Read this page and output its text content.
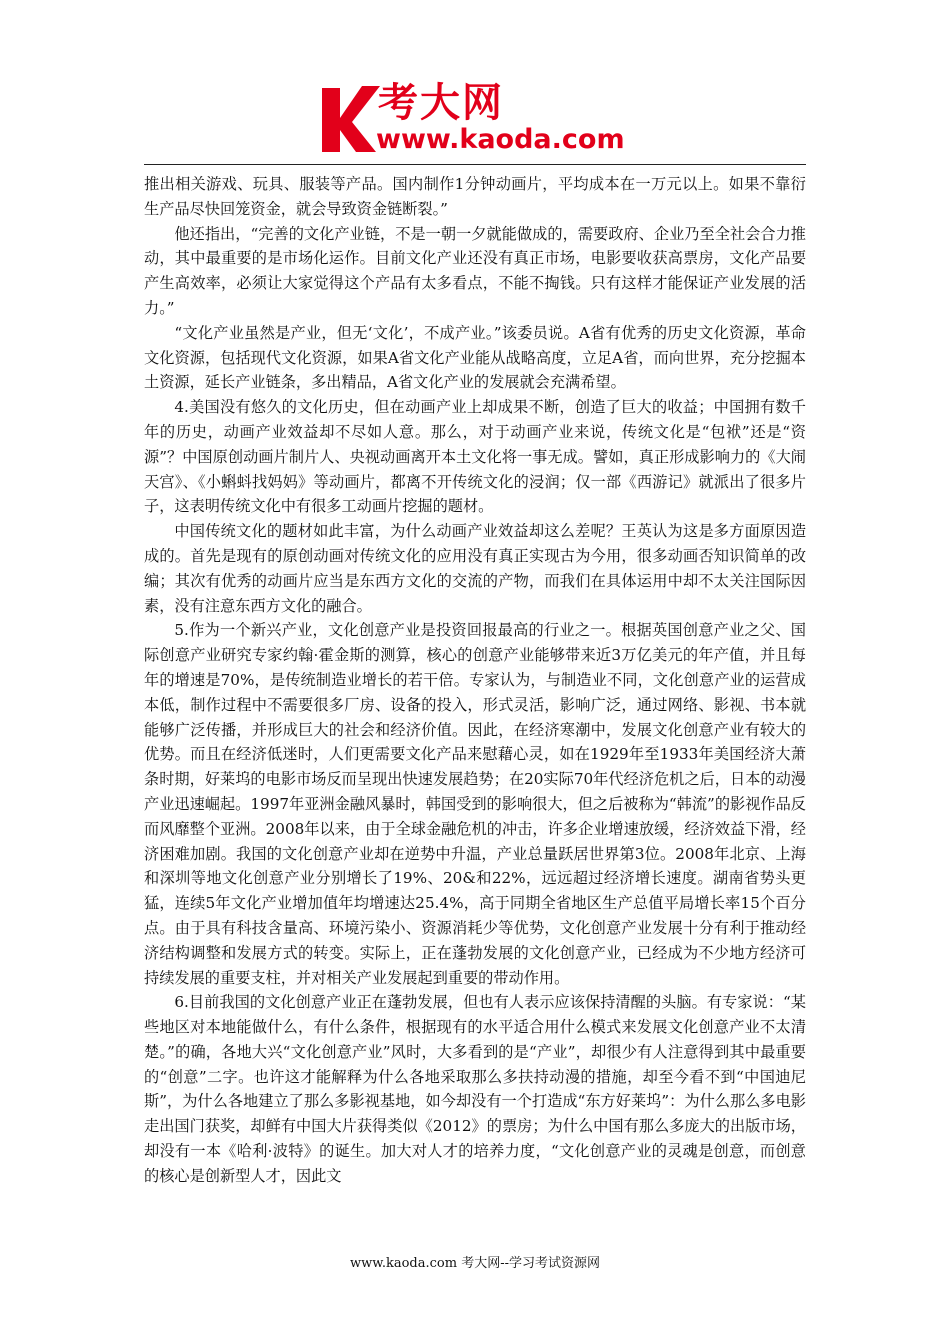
考大网
www.kaoda.com

推出相关游戏、玩具、服装等产品。国内制作1分钟动画片，平均成本在一万元以上。如果不靠衍生产品尽快回笼资金，就会导致资金链断裂。”

他还指出，“完善的文化产业链，不是一朝一夕就能做成的，需要政府、企业乃至全社会合力推动，其中最重要的是市场化运作。目前文化产业还没有真正市场，电影要收获高票房，文化产品要产生高效率，必须让大家觉得这个产品有太多看点，不能不掏钱。只有这样才能保证产业发展的活力。”

“文化产业虽然是产业，但无‘文化’，不成产业。”该委员说。A省有优秀的历史文化资源，革命文化资源，包括现代文化资源，如果A省文化产业能从战略高度，立足A省，而向世界，充分挖掘本土资源，延长产业链条，多出精品，A省文化产业的发展就会充满希望。

4.美国没有悠久的文化历史，但在动画产业上却成果不断，创造了巨大的收益；中国拥有数千年的历史，动画产业效益却不尽如人意。那么，对于动画产业来说，传统文化是“包袱”还是“资源”？中国原创动画片制片人、央视动画离开本土文化将一事无成。譬如，真正形成影响力的《大闹天宫》、《小蝌蚪找妈妈》等动画片，都离不开传统文化的浸润；仅一部《西游记》就派出了很多片子，这表明传统文化中有很多工动画片挖掘的题材。

中国传统文化的题材如此丰富，为什么动画产业效益却这么差呢？王英认为这是多方面原因造成的。首先是现有的原创动画对传统文化的应用没有真正实现古为今用，很多动画否知识简单的改编；其次有优秀的动画片应当是东西方文化的交流的产物，而我们在具体运用中却不太关注国际因素，没有注意东西方文化的融合。

5.作为一个新兴产业，文化创意产业是投资回报最高的行业之一。根据英国创意产业之父、国际创意产业研究专家约翰·霍金斯的测算，核心的创意产业能够带来近3万亿美元的年产值，并且每年的增速是70%，是传统制造业增长的若干倍。专家认为，与制造业不同，文化创意产业的运营成本低，制作过程中不需要很多厂房、设备的投入，形式灵活，影响广泛，通过网络、影视、书本就能够广泛传播，并形成巨大的社会和经济价值。因此，在经济寒潮中，发展文化创意产业有较大的优势。而且在经济低迷时，人们更需要文化产品来慰藉心灵，如在1929年至1933年美国经济大萧条时期，好莱坞的电影市场反而呈现出快速发展趋势；在20实际70年代经济危机之后，日本的动漫产业迅速崛起。1997年亚洲金融风暴时，韩国受到的影响很大，但之后被称为“韩流”的影视作品反而风靡整个亚洲。2008年以来，由于全球金融危机的冲击，许多企业增速放缓，经济效益下滑，经济困难加剧。我国的文化创意产业却在逆势中升温，产业总量跃居世界第3位。2008年北京、上海和深圳等地文化创意产业分别增长了19%、20&和22%，远远超过经济增长速度。湖南省势头更猛，连续5年文化产业增加值年均增速达25.4%，高于同期全省地区生产总值平局增长率15个百分点。由于具有科技含量高、环境污染小、资源消耗少等优势，文化创意产业发展十分有利于推动经济结构调整和发展方式的转变。实际上，正在蓬勃发展的文化创意产业，已经成为不少地方经济可持续发展的重要支柱，并对相关产业发展起到重要的带动作用。

6.目前我国的文化创意产业正在蓬勃发展，但也有人表示应该保持清醒的头脑。有专家说：“某些地区对本地能做什么，有什么条件，根据现有的水平适合用什么模式来发展文化创意产业不太清楚。”的确，各地大兴“文化创意产业”风时，大多看到的是“产业”，却很少有人注意得到其中最重要的“创意”二字。也许这才能解释为什么各地采取那么多扶持动漫的措施，却至今看不到“中国迪尼斯”，为什么各地建立了那么多影视基地，如今却没有一个打造成“东方好莱坞”：为什么那么多电影走出国门获奖，却鲜有中国大片获得类似《2012》的票房；为什么中国有那么多庞大的出版市场，却没有一本《哈利·波特》的诞生。加大对人才的培养力度，“文化创意产业的灵魂是创意，而创意的核心是创新型人才，因此文

www.kaoda.com 考大网--学习考试资源网
